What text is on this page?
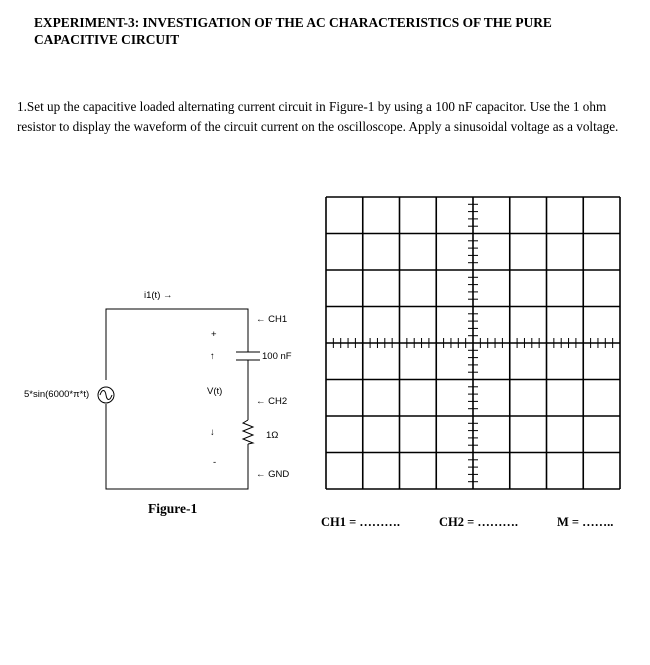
EXPERIMENT-3: INVESTIGATION OF THE AC CHARACTERISTICS OF THE PURE CAPACITIVE CIRCUIT
1.Set up the capacitive loaded alternating current circuit in Figure-1 by using a 100 nF capacitor. Use the 1 ohm resistor to display the waveform of the circuit current on the oscilloscope. Apply a sinusoidal voltage as a voltage.
i1(t) →
5*sin(6000*π*t)
+
↑
V(t)
↓
-
← CH1
100 nF
← CH2
1Ω
← GND
Figure-1
CH1 = ……….	CH2 = ……….	M = ……..
